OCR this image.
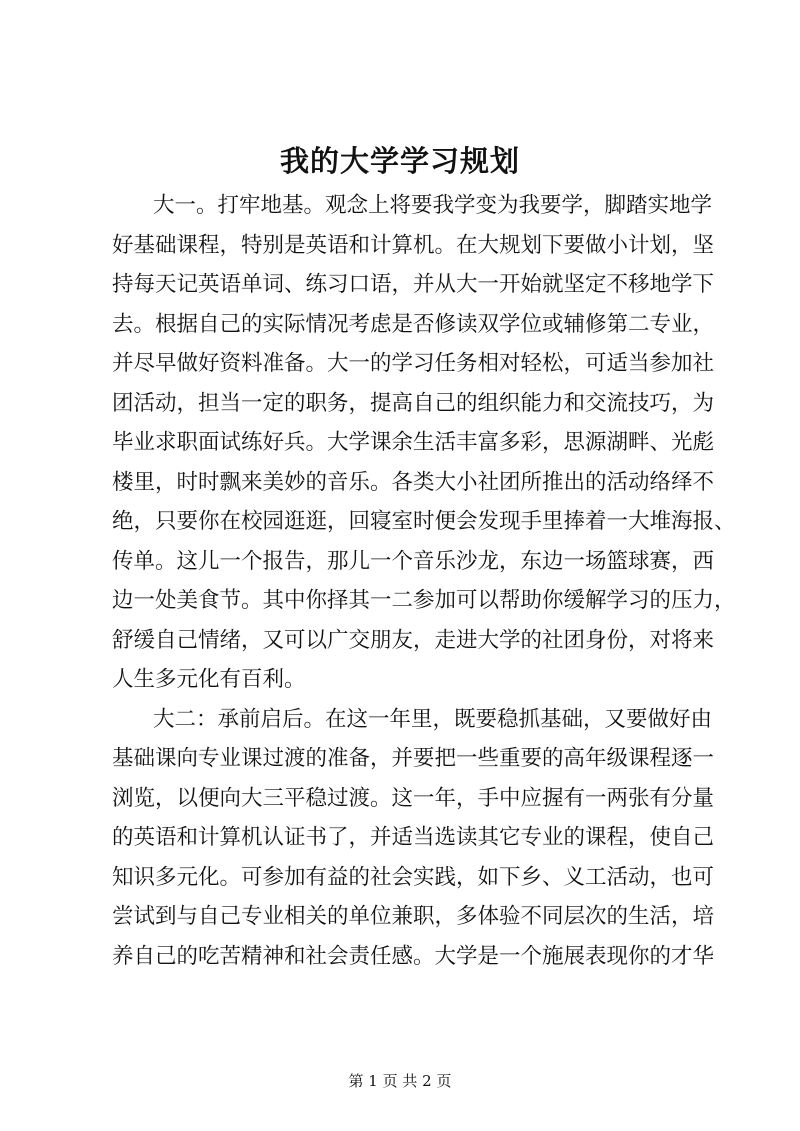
我的大学学习规划
大一。打牢地基。观念上将要我学变为我要学，脚踏实地学
好基础课程，特别是英语和计算机。在大规划下要做小计划，坚
持每天记英语单词、练习口语，并从大一开始就坚定不移地学下
去。根据自己的实际情况考虑是否修读双学位或辅修第二专业，
并尽早做好资料准备。大一的学习任务相对轻松，可适当参加社
团活动，担当一定的职务，提高自己的组织能力和交流技巧，为
毕业求职面试练好兵。大学课余生活丰富多彩，思源湖畔、光彪
楼里，时时飘来美妙的音乐。各类大小社团所推出的活动络绎不
绝，只要你在校园逛逛，回寝室时便会发现手里捧着一大堆海报、
传单。这儿一个报告，那儿一个音乐沙龙，东边一场篮球赛，西
边一处美食节。其中你择其一二参加可以帮助你缓解学习的压力，
舒缓自己情绪，又可以广交朋友，走进大学的社团身份，对将来
人生多元化有百利。
大二：承前启后。在这一年里，既要稳抓基础，又要做好由
基础课向专业课过渡的准备，并要把一些重要的高年级课程逐一
浏览，以便向大三平稳过渡。这一年，手中应握有一两张有分量
的英语和计算机认证书了，并适当选读其它专业的课程，使自己
知识多元化。可参加有益的社会实践，如下乡、义工活动，也可
尝试到与自己专业相关的单位兼职，多体验不同层次的生活，培
养自己的吃苦精神和社会责任感。大学是一个施展表现你的才华
第 1 页 共 2 页
